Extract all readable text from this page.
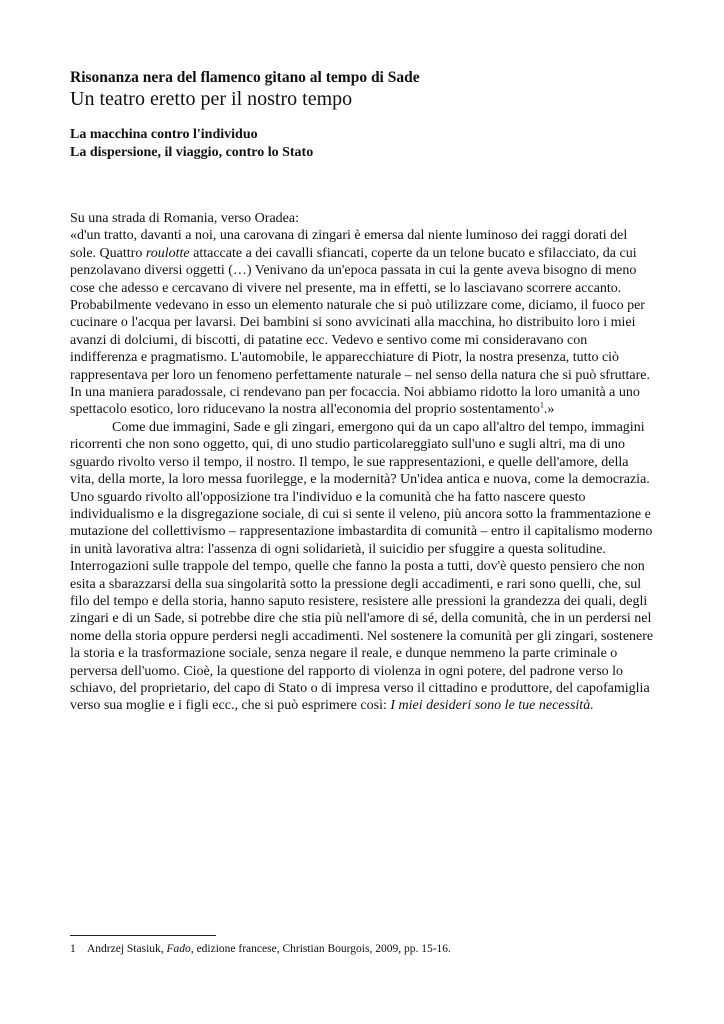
Risonanza nera del flamenco gitano al tempo di Sade
Un teatro eretto per il nostro tempo
La macchina contro l'individuo
La dispersione, il viaggio, contro lo Stato

Su una strada di Romania, verso Oradea:

«d'un tratto, davanti a noi, una carovana di zingari è emersa dal niente luminoso dei raggi dorati del sole. Quattro roulotte attaccate a dei cavalli sfiancati, coperte da un telone bucato e sfilacciato, da cui penzolavano diversi oggetti (…) Venivano da un'epoca passata in cui la gente aveva bisogno di meno cose che adesso e cercavano di vivere nel presente, ma in effetti, se lo lasciavano scorrere accanto. Probabilmente vedevano in esso un elemento naturale che si può utilizzare come, diciamo, il fuoco per cucinare o l'acqua per lavarsi. Dei bambini si sono avvicinati alla macchina, ho distribuito loro i miei avanzi di dolciumi, di biscotti, di patatine ecc. Vedevo e sentivo come mi consideravano con indifferenza e pragmatismo. L'automobile, le apparecchiature di Piotr, la nostra presenza, tutto ciò rappresentava per loro un fenomeno perfettamente naturale – nel senso della natura che si può sfruttare. In una maniera paradossale, ci rendevano pan per focaccia. Noi abbiamo ridotto la loro umanità a uno spettacolo esotico, loro riducevano la nostra all'economia del proprio sostentamento$^1$.»

Come due immagini, Sade e gli zingari, emergono qui da un capo all'altro del tempo, immagini ricorrenti che non sono oggetto, qui, di uno studio particolareggiato sull'uno e sugli altri, ma di uno sguardo rivolto verso il tempo, il nostro. Il tempo, le sue rappresentazioni, e quelle dell'amore, della vita, della morte, la loro messa fuorilegge, e la modernità? Un'idea antica e nuova, come la democrazia. Uno sguardo rivolto all'opposizione tra l'individuo e la comunità che ha fatto nascere questo individualismo e la disgregazione sociale, di cui si sente il veleno, più ancora sotto la frammentazione e mutazione del collettivismo – rappresentazione imbastardita di comunità – entro il capitalismo moderno in unità lavorativa altra: l'assenza di ogni solidarietà, il suicidio per sfuggire a questa solitudine. Interrogazioni sulle trappole del tempo, quelle che fanno la posta a tutti, dov'è questo pensiero che non esita a sbarazzarsi della sua singolarità sotto la pressione degli accadimenti, e rari sono quelli, che, sul filo del tempo e della storia, hanno saputo resistere, resistere alle pressioni la grandezza dei quali, degli zingari e di un Sade, si potrebbe dire che stia più nell'amore di sé, della comunità, che in un perdersi nel nome della storia oppure perdersi negli accadimenti. Nel sostenere la comunità per gli zingari, sostenere la storia e la trasformazione sociale, senza negare il reale, e dunque nemmeno la parte criminale o perversa dell'uomo. Cioè, la questione del rapporto di violenza in ogni potere, del padrone verso lo schiavo, del proprietario, del capo di Stato o di impresa verso il cittadino e produttore, del capofamiglia verso sua moglie e i figli ecc., che si può esprimere così: I miei desideri sono le tue necessità.

1 Andrzej Stasiuk, Fado, edizione francese, Christian Bourgois, 2009, pp. 15-16.
